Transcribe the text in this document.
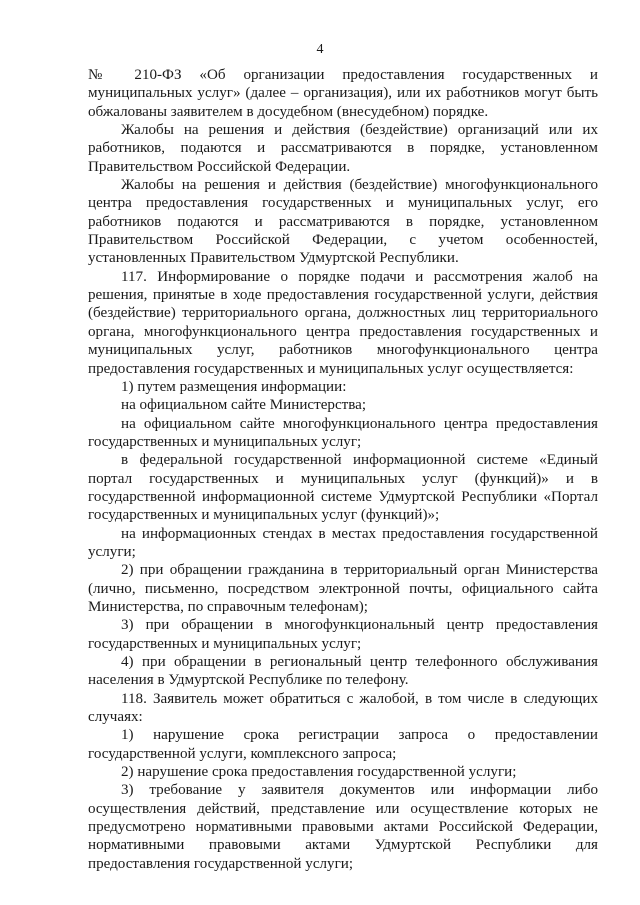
4

№ 210-ФЗ «Об организации предоставления государственных и муниципальных услуг» (далее – организация), или их работников могут быть обжалованы заявителем в досудебном (внесудебном) порядке.

Жалобы на решения и действия (бездействие) организаций или их работников, подаются и рассматриваются в порядке, установленном Правительством Российской Федерации.

Жалобы на решения и действия (бездействие) многофункционального центра предоставления государственных и муниципальных услуг, его работников подаются и рассматриваются в порядке, установленном Правительством Российской Федерации, с учетом особенностей, установленных Правительством Удмуртской Республики.

117. Информирование о порядке подачи и рассмотрения жалоб на решения, принятые в ходе предоставления государственной услуги, действия (бездействие) территориального органа, должностных лиц территориального органа, многофункционального центра предоставления государственных и муниципальных услуг, работников многофункционального центра предоставления государственных и муниципальных услуг осуществляется:

1) путем размещения информации:

на официальном сайте Министерства;

на официальном сайте многофункционального центра предоставления государственных и муниципальных услуг;

в федеральной государственной информационной системе «Единый портал государственных и муниципальных услуг (функций)» и в государственной информационной системе Удмуртской Республики «Портал государственных и муниципальных услуг (функций)»;

на информационных стендах в местах предоставления государственной услуги;

2) при обращении гражданина в территориальный орган Министерства (лично, письменно, посредством электронной почты, официального сайта Министерства, по справочным телефонам);

3) при обращении в многофункциональный центр предоставления государственных и муниципальных услуг;

4) при обращении в региональный центр телефонного обслуживания населения в Удмуртской Республике по телефону.

118. Заявитель может обратиться с жалобой, в том числе в следующих случаях:

1) нарушение срока регистрации запроса о предоставлении государственной услуги, комплексного запроса;

2) нарушение срока предоставления государственной услуги;

3) требование у заявителя документов или информации либо осуществления действий, представление или осуществление которых не предусмотрено нормативными правовыми актами Российской Федерации, нормативными правовыми актами Удмуртской Республики для предоставления государственной услуги;
